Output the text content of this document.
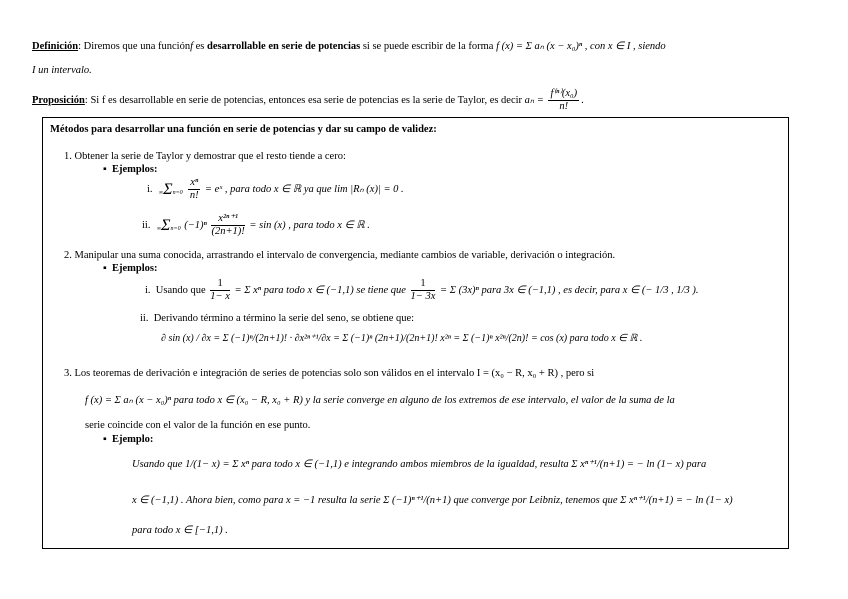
Definición: Diremos que una funciónf es desarrollable en serie de potencias si se puede escribir de la forma f (x) = Σ aₙ (x − x₀)ⁿ , con x ∈ I , siendo
I un intervalo.
Proposición: Si f es desarrollable en serie de potencias, entonces esa serie de potencias es la serie de Taylor, es decir $a_n = \frac{\text{f⁽ⁿ⁾(x₀)}}{n!}$ .
Métodos para desarrollar una función en serie de potencias y dar su campo de validez:
1. Obtener la serie de Taylor y demostrar que el resto tiende a cero:
▪  Ejemplos:
i. $\infty\Sigma n=0 \frac{\text{xⁿ}}{n!}$ = eˣ , para todo x ∈ ℝ ya que lim |Rₙ (x)| = 0 .
ii. ∞Σn=0 $(-1)^n \frac{\text{x²ⁿ⁺¹}}{(2n+1)!} = \sin (x)$ , para todo x ∈ ℝ .
2. Manipular una suma conocida, arrastrando el intervalo de convergencia, mediante cambios de variable, derivación o integración.
▪  Ejemplos:
i. Usando que $\frac{1}{1- x} = \Sigma$ xⁿ para todo x ∈ (−1,1) se tiene que $\frac{1}{1- 3x} = \Sigma$ (3x)ⁿ para 3x ∈ (−1,1) , es decir, para x ∈ (− 1/3 , 1/3 ).
ii. Derivando término a término la serie del seno, se obtiene que:
∂ sin (x) / ∂x = Σ (−1)ⁿ/(2n+1)! · ∂x²ⁿ⁺¹/∂x = Σ (−1)ⁿ (2n+1)/(2n+1)! x²ⁿ = Σ (−1)ⁿ x²ⁿ/(2n)! = cos (x) para todo x ∈ ℝ .
3. Los teoremas de derivación e integración de series de potencias solo son válidos en el intervalo I = (x₀ − R, x₀ + R) , pero si
f (x) = Σ aₙ (x − x₀)ⁿ para todo x ∈ (x₀ − R, x₀ + R) y la serie converge en alguno de los extremos de ese intervalo, el valor de la suma de la
serie coincide con el valor de la función en ese punto.
▪  Ejemplo:
Usando que 1/(1− x) = Σ xⁿ para todo x ∈ (−1,1) e integrando ambos miembros de la igualdad, resulta Σ xⁿ⁺¹/(n+1) = − ln (1− x) para
x ∈ (−1,1) . Ahora bien, como para x = −1 resulta la serie Σ (−1)ⁿ⁺¹/(n+1) que converge por Leibniz, tenemos que Σ xⁿ⁺¹/(n+1) = − ln (1− x)
para todo x ∈ [−1,1) .
